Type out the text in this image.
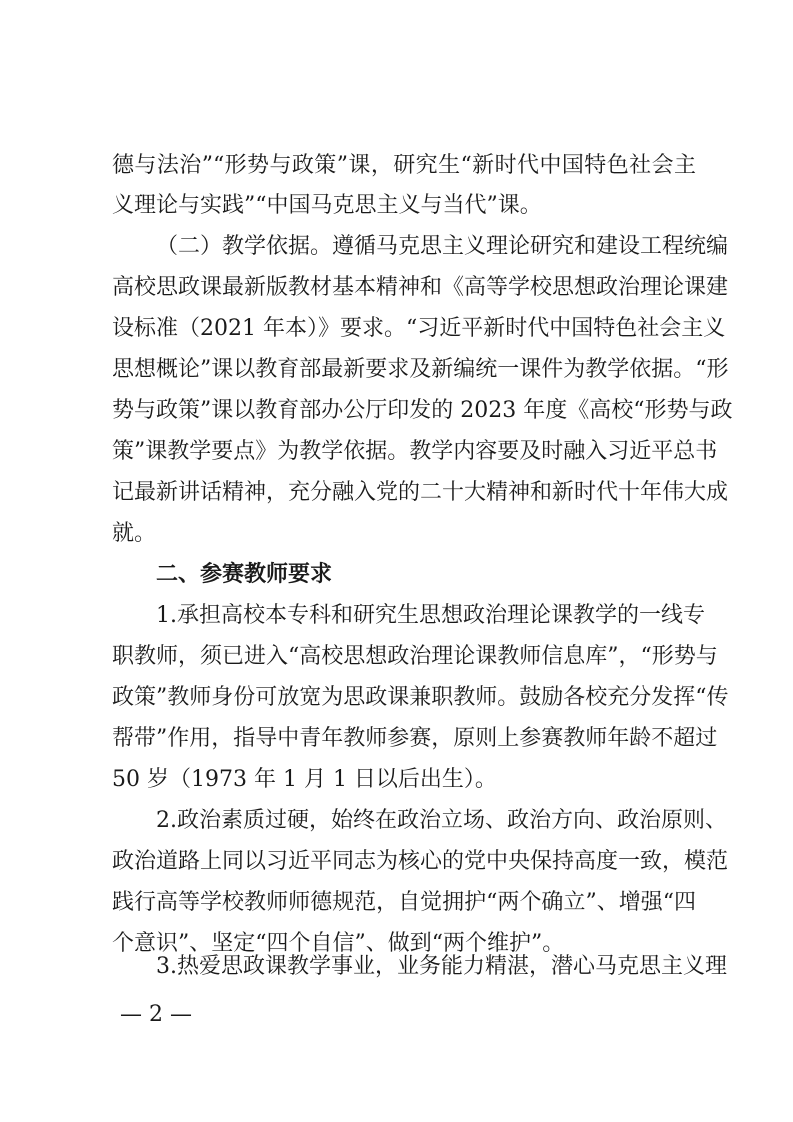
德与法治”“形势与政策”课，研究生“新时代中国特色社会主
义理论与实践”“中国马克思主义与当代”课。
（二）教学依据。遵循马克思主义理论研究和建设工程统编
高校思政课最新版教材基本精神和《高等学校思想政治理论课建
设标准（2021 年本）》要求。“习近平新时代中国特色社会主义
思想概论”课以教育部最新要求及新编统一课件为教学依据。“形
势与政策”课以教育部办公厅印发的 2023 年度《高校“形势与政
策”课教学要点》为教学依据。教学内容要及时融入习近平总书
记最新讲话精神，充分融入党的二十大精神和新时代十年伟大成
就。
二、参赛教师要求
1.承担高校本专科和研究生思想政治理论课教学的一线专
职教师，须已进入“高校思想政治理论课教师信息库”，“形势与
政策”教师身份可放宽为思政课兼职教师。鼓励各校充分发挥“传
帮带”作用，指导中青年教师参赛，原则上参赛教师年龄不超过
50 岁（1973 年 1 月 1 日以后出生）。
2.政治素质过硬，始终在政治立场、政治方向、政治原则、
政治道路上同以习近平同志为核心的党中央保持高度一致，模范
践行高等学校教师师德规范，自觉拥护“两个确立”、增强“四
个意识”、坚定“四个自信”、做到“两个维护”。
3.热爱思政课教学事业，业务能力精湛，潜心马克思主义理
— 2 —
